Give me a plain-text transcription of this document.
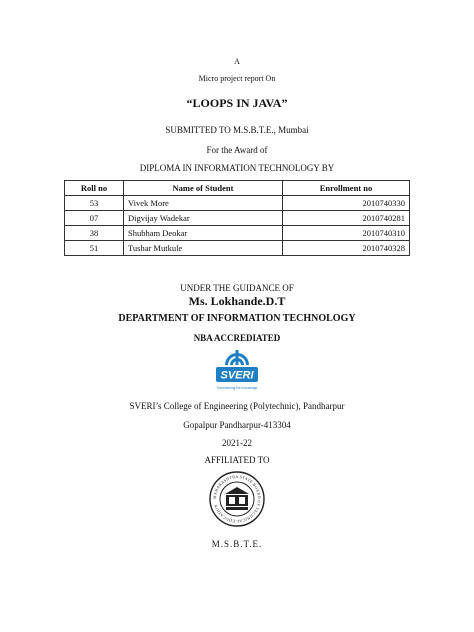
A
Micro project report On
“LOOPS IN JAVA”
SUBMITTED TO M.S.B.T.E., Mumbai
For the Award of
DIPLOMA IN INFORMATION TECHNOLOGY BY
Roll no	Name of Student	Enrollment no
53	Vivek More	2010740330
07	Digvijay Wadekar	2010740281
38	Shubham Deokar	2010740310
51	Tushar Mutkule	2010740328
UNDER THE GUIDANCE OF
Ms. Lokhande.D.T
DEPARTMENT OF INFORMATION TECHNOLOGY
NBA ACCREDIATED
SVERI
Transforming the Knowledge
SVERI’s College of Engineering (Polytechnic), Pandharpur
Gopalpur Pandharpur-413304
2021-22
AFFILIATED TO
MAHARASHTRA STATE BOARD OF TECHNICAL EDUCATION
M.S.B.T.E.
